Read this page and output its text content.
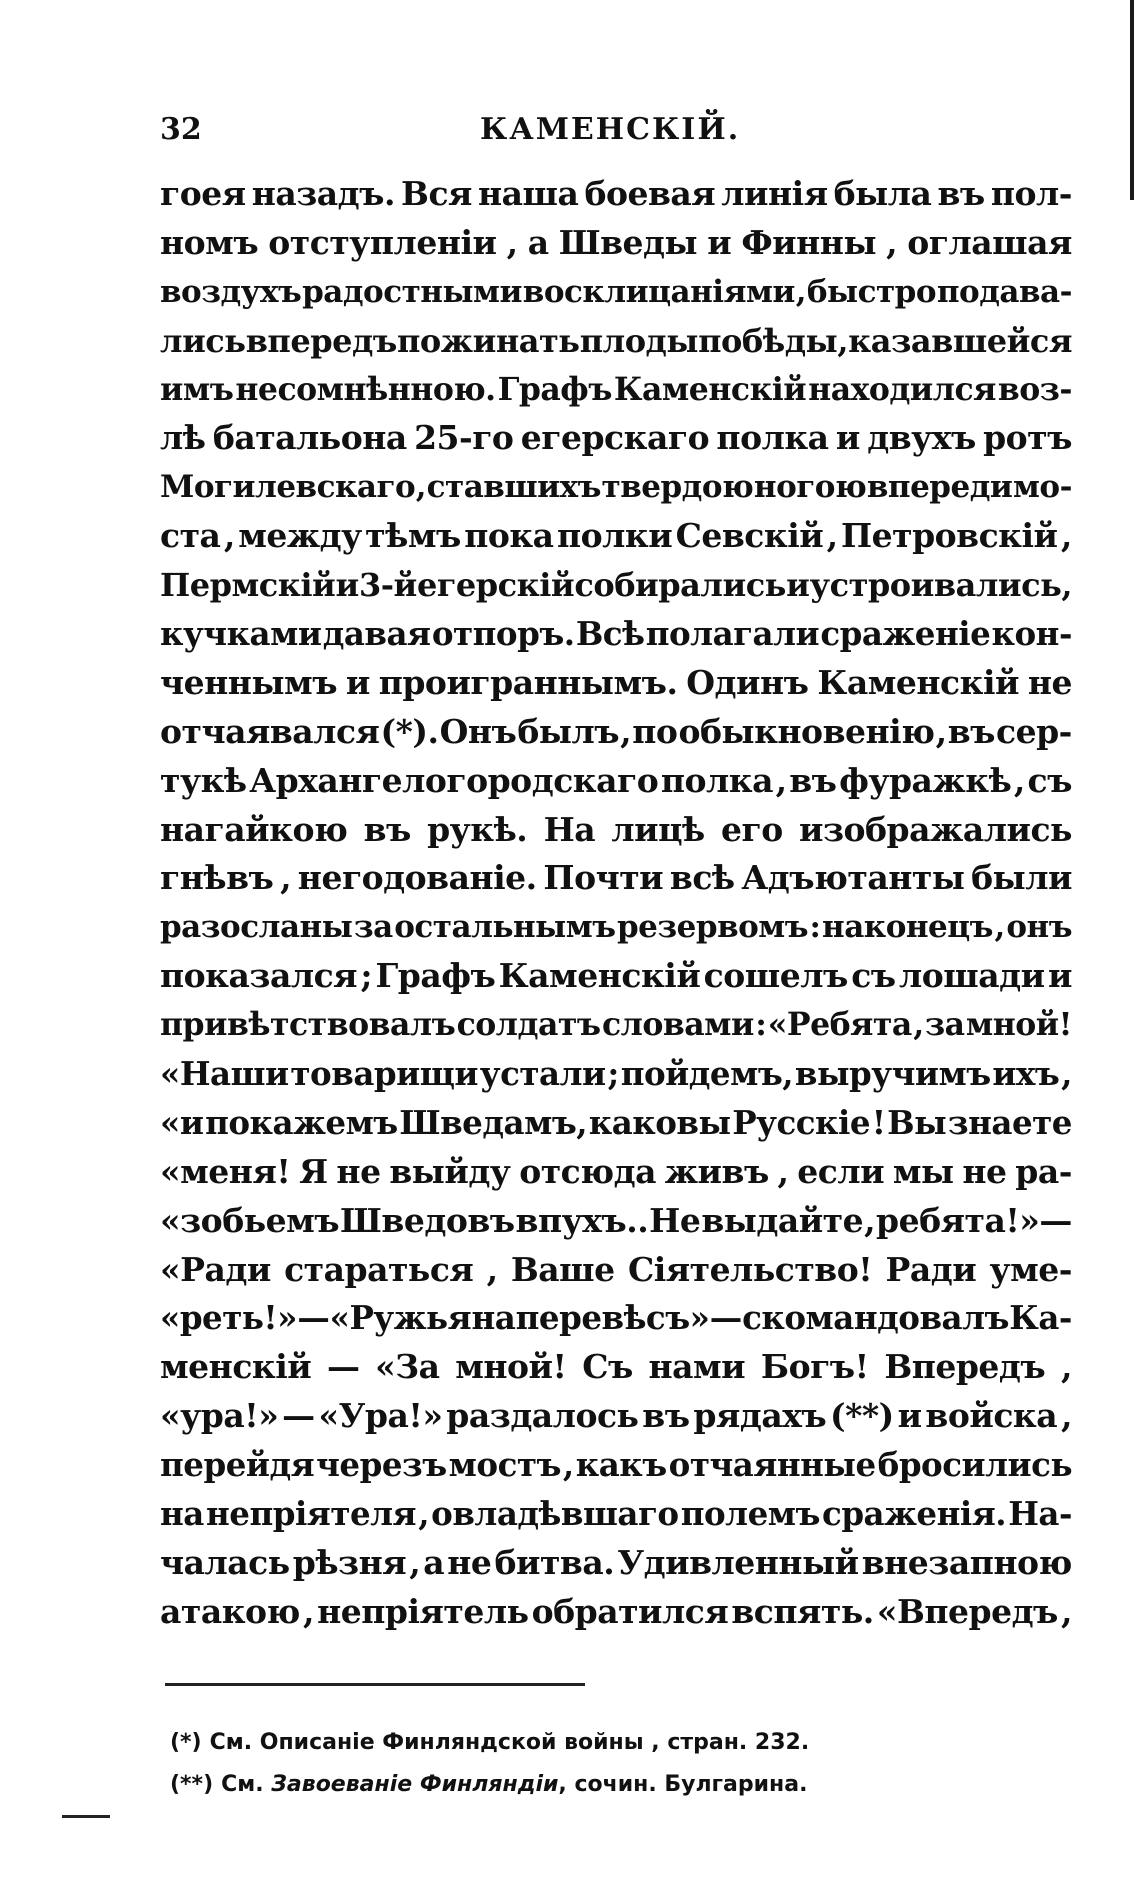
32	КАМЕНСКІЙ.
гоея назадъ. Вся наша боевая линія была въ пол-
номъ отступленіи , а Шведы и Финны , оглашая
воздухъ радостными восклицаніями , быстро подава-
лись впередъ пожинать плоды побѣды , казавшейся
имъ несомнѣнною. Графъ Каменскій находился воз-
лѣ батальона 25-го егерскаго полка и двухъ ротъ
Могилевскаго , ставшихъ твердою ногою впереди мо-
ста , между тѣмъ пока полки Севскій , Петровскій ,
Пермскій и 3-й егерскій собирались и устроивались,
кучками давая отпоръ. Всѣ полагали сраженіе кон-
ченнымъ и проиграннымъ. Одинъ Каменскій не
отчаявался (*). Онъ былъ , по обыкновенію , въ сер-
тукѣ Архангелогородскаго полка , въ фуражкѣ , съ
нагайкою въ рукѣ. На лицѣ его изображались
гнѣвъ , негодованіе. Почти всѣ Адъютанты были
разосланы за остальнымъ резервомъ : наконецъ , онъ
показался ; Графъ Каменскій сошелъ съ лошади и
привѣтствовалъ солдатъ словами : «Ребята , за мной!
«Наши товарищи устали ; пойдемъ, выручимъ ихъ ,
«и покажемъ Шведамъ, каковы Русскіе ! Вы знаете
«меня! Я не выйду отсюда живъ , если мы не ра-
«зобьемъ Шведовъ впухъ.. Не выдайте , ребята!»—
«Ради стараться , Ваше Сіятельство! Ради уме-
«реть!» — «Ружья на перевѣсъ» — скомандовалъ Ка-
менскій — «За мной! Съ нами Богъ! Впередъ ,
«ура!» — «Ура!» раздалось въ рядахъ (**) и войска ,
перейдя черезъ мостъ , какъ отчаянные бросились
на непріятеля , овладѣвшаго полемъ сраженія. На-
чалась рѣзня , а не битва. Удивленный внезапною
атакою , непріятель обратился вспять. «Впередъ ,
(*) См. Описаніе Финляндской войны , стран. 232.
(**) См. Завоеваніе Финляндіи, сочин. Булгарина.
